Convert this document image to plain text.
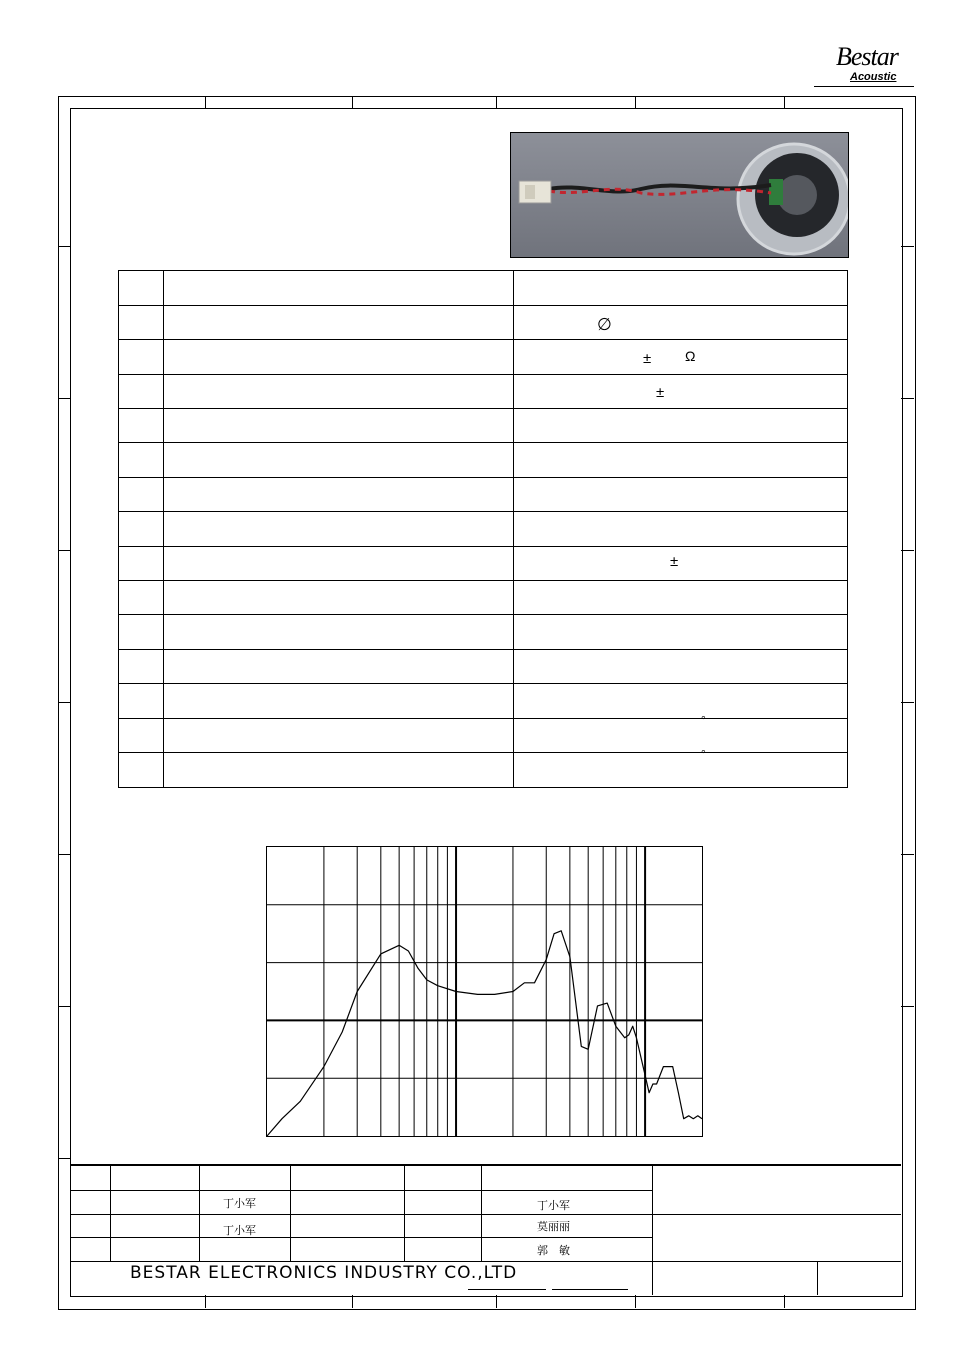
Bestar
Acoustic
∅
± Ω
±
±
°
°
丁小军
丁小军
丁小军
莫丽丽
郭　敏
BESTAR ELECTRONICS INDUSTRY CO.,LTD
